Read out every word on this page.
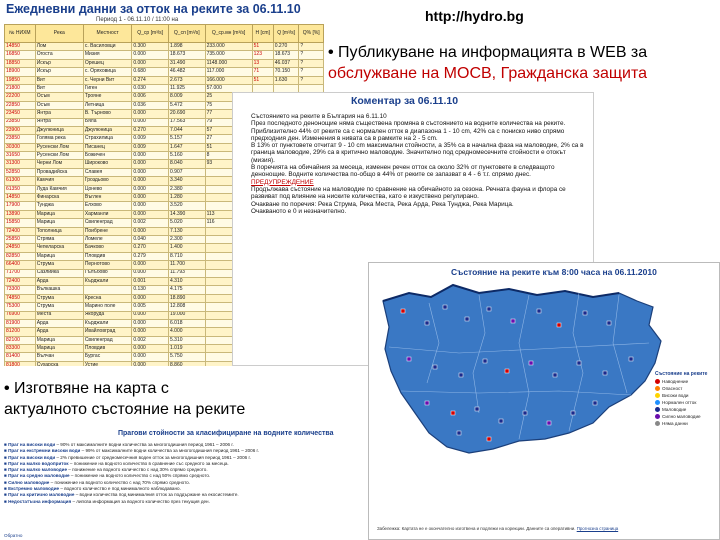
Ежедневни данни за отток на реките за 06.11.10
Период 1 - 06.11.10 / 11:00 на
№ НИХМ	Река	Местност	Q_ср [m³/s]	Q_сп [m³/s]	Q_ср.мн [m³/s]	H [cm]	Q [m³/s]	Q% [%]
14850	Лом	с. Василовци	0.300	1.898	233.000	51	0.270	?
16850	Огоста	Мизия	0.000	18.673	735.000	123	18.673	?
18850	Искър	Орешец	0.000	31.490	1148.000	13	46.037	?
18900	Искър	с. Оряховица	0.680	46.482	117.000	71	70.150	?
19850	Вит	с. Черни Вит	0.274	2.673	166.000	51	1.630	?
21800	Вит	Гиген	0.030	11.925	57.000			
22200	Осъм	Трояне	0.006	8.009	25			
22850	Осъм	Летница	0.036	5.472	75			
23450	Янтра	В. Търново	0.000	20.690	77			
23850	Янтра	Бяла	0.000	17.563	79			
23900	Джулюница	Джулюница	0.270	7.044	57			
23850	Голяма река	Страхилица	0.009	5.157	27			
30300	Русенски Лом	Писанец	0.009	1.647	51			
31650	Русенски Лом	Божичен	0.000	5.160	8			
31300	Черни Лом	Широково	0.000	8.040	93			
52850	Провадийска	Славея	0.000	0.907				
61300	Камчия	Гроздьово	0.000	3.340				
61350	Луда Камчия	Цонево	0.000	2.380				
14850	Финарска	Въглен	0.000	1.280				
17900	Тунджа	Елхово	0.000	3.520				
13890	Марица	Харманли	0.000	14.390	113			
15850	Марица	Свиленград	0.002	5.020	116			
72400	Тополница	Поибрене	0.000	7.130				
25850	Стряма	Ломеле	0.040	2.300				
24850	Чепеларска	Бачково	0.270	1.400				
82850	Марица	Пловдив	0.279	8.710				
66400	Струма	Пернотово	0.000	11.700				
71700	Сазлийка	Гълъбово	0.000	11.793				
72400	Арда	Кърджали	0.001	4.310				
73300	Вълкашка		0.130	4.175				
74850	Струма	Кресна	0.000	18.890				
75300	Струма	Марино поле	0.005	12.808				
76900	Места	Якоруда	0.000	19.000				
81900	Арда	Кърджали	0.000	6.018				
81200	Арда	Ивайловград	0.000	4.000				
82100	Марица	Свиленград	0.002	5.310				
83300	Марица	Пловдив	0.000	1.019				
81400	Вълчан	Бургас	0.000	5.750				
81800	Сухарска	Устие	0.000	8.860				

http://hydro.bg
Коментар за 06.11.10

Състоянието на реките в България на 6.11.10

През последното денонощие няма съществена промяна в състоянието на водните количества на реките.

Приблизително 44% от реките са с нормален отток в диапазона 1 - 10 cm, 42% са с пониско ниво спрямо предходния ден. Изменения в нивата са в рамките на 2 - 5 cm.

В 13% от пунктовете отчитат 9 - 10 cm максимални стойности, а 35% са в начална фаза на маловодие, 2% са в граница маловодие, 29% са в критично маловодие. Значително под средномесечните стойности е отокът (мизия).

В поречията на обичайния за месеца, изменен речен отток са около 32% от пунктовете в следващото денонощие. Водните количества по-общо в 44% от реките се запазват в 4 - 6 т.г. спрямо днес.

ПРЕДУПРЕЖДЕНИЕ

Продължава състояние на маловодие по сравнение на обичайното за сезона. Речната фауна и флора се развиват под влияние на ниските количества, като е изкуствено регулирано.

Очакване по поречия: Река Струма, Река Места, Река Арда, Река Тунджа, Река Марица.

Очакваното е 0 и незначително.

• Публикуване на информацията в WEB за
обслужване на МОСВ, Гражданска защита
Състояние на реките към 8:00 часа на 06.11.2010
Състояние на реките
Наводнение
Опасност
Високи води
Нормален отток
Маловодие
Силно маловодие
Няма данни
Забележка: Картата не е окончателно изготвена и подлежи на корекции. Данните са оперативни. Прогнозна страница
Прагови стойности за класифициране на водните количества
■ Праг на високи води – 90% от максималните водни количества за многогодишния период 1961 – 2006 г.
■ Праг на екстремни високи води – 99% от максималните водни количества за многогодишния период 1961 – 2006 г.
■ Праг на високи води – 2% превишение от средномесечния воден отток за многогодишния период 1961 – 2006 г.
■ Праг на малко водоприток – понижение на водното количество в сравнение със средното за месеца.
■ Праг на малко маловодие – понижение на водното количество с над 30% спрямо средното.
■ Праг на средно маловодие – понижение на водното количество с над 50% спрямо средното.
■ Силно маловодие – понижение на водното количество с над 70% спрямо средното.
■ Екстремно маловодие – водното количество е под минималното наблюдавано.
■ Праг на критично маловодие – водни количества под минималния отток за поддържане на екосистемите.
■ Недостатъчна информация – липсва информация за водното количество през текущия ден.
Обратно
• Изготвяне на карта с
актуалното състояние на реките
